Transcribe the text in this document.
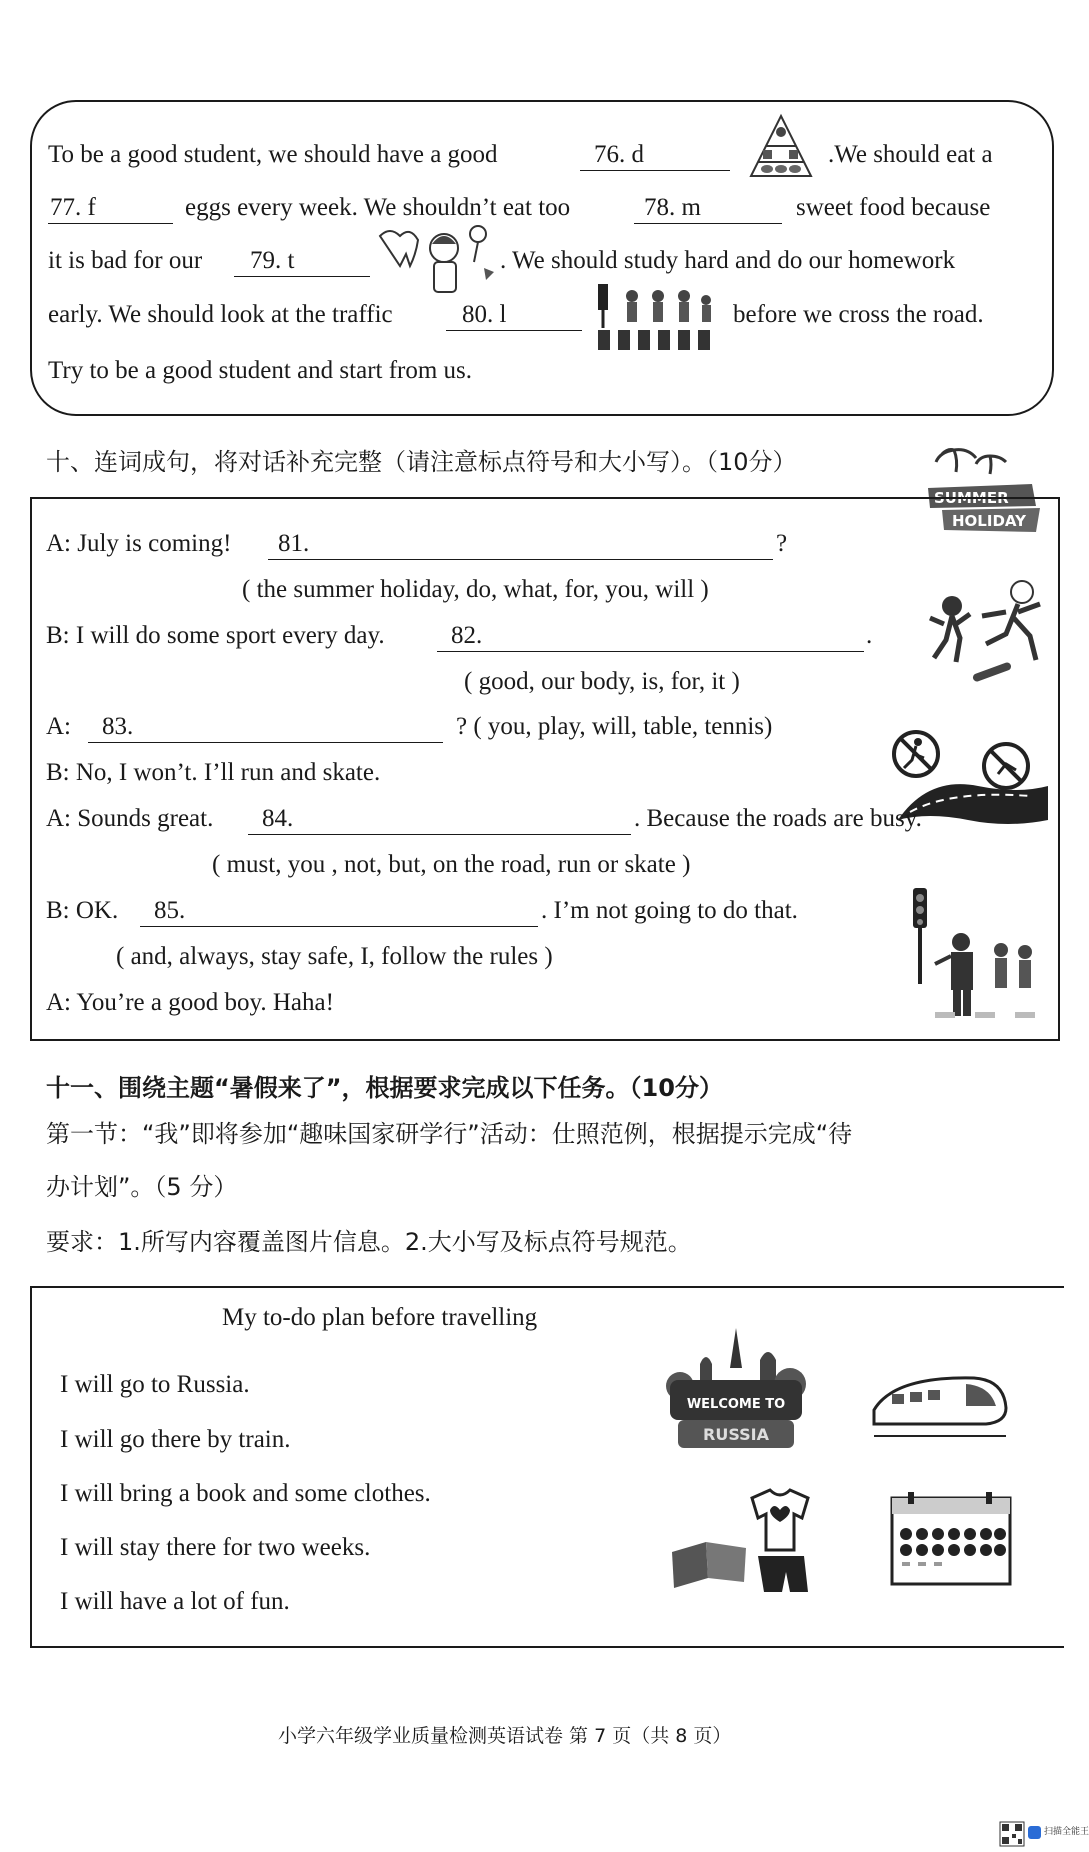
To be a good student, we should have a good	76. d	.We should eat a
77. f	eggs every week. We shouldn’t eat too	78. m	sweet food because
it is bad for our 79. t	. We should study hard and do our homework
early. We should look at the traffic	80. l	before we cross the road.
Try to be a good student and start from us.
十、连词成句，将对话补充完整（请注意标点符号和大小写）。（10分）
SUMMER
HOLIDAY
A: July is coming! 81.	?
( the summer holiday, do, what, for, you, will )
B: I will do some sport every day.	82.	.
( good, our body, is, for, it )
A: 83.	? ( you, play, will, table, tennis)
B: No, I won’t. I’ll run and skate.
A: Sounds great. 84.	. Because the roads are busy.
( must, you , not, but, on the road, run or skate )
B: OK. 85.	. I’m not going to do that.
( and, always, stay safe, I, follow the rules )
A: You’re a good boy. Haha!
十一、围绕主题“暑假来了”，根据要求完成以下任务。（10分）
第一节：“我”即将参加“趣味国家研学行”活动：仕照范例，根据提示完成“待
办计划”。（5 分）
要求：1.所写内容覆盖图片信息。2.大小写及标点符号规范。
My to-do plan before travelling
I will go to Russia.
I will go there by train.
I will bring a book and some clothes.
I will stay there for two weeks.
I will have a lot of fun.
WELCOME TO
RUSSIA
小学六年级学业质量检测英语试卷 第 7 页（共 8 页）
扫描全能王
